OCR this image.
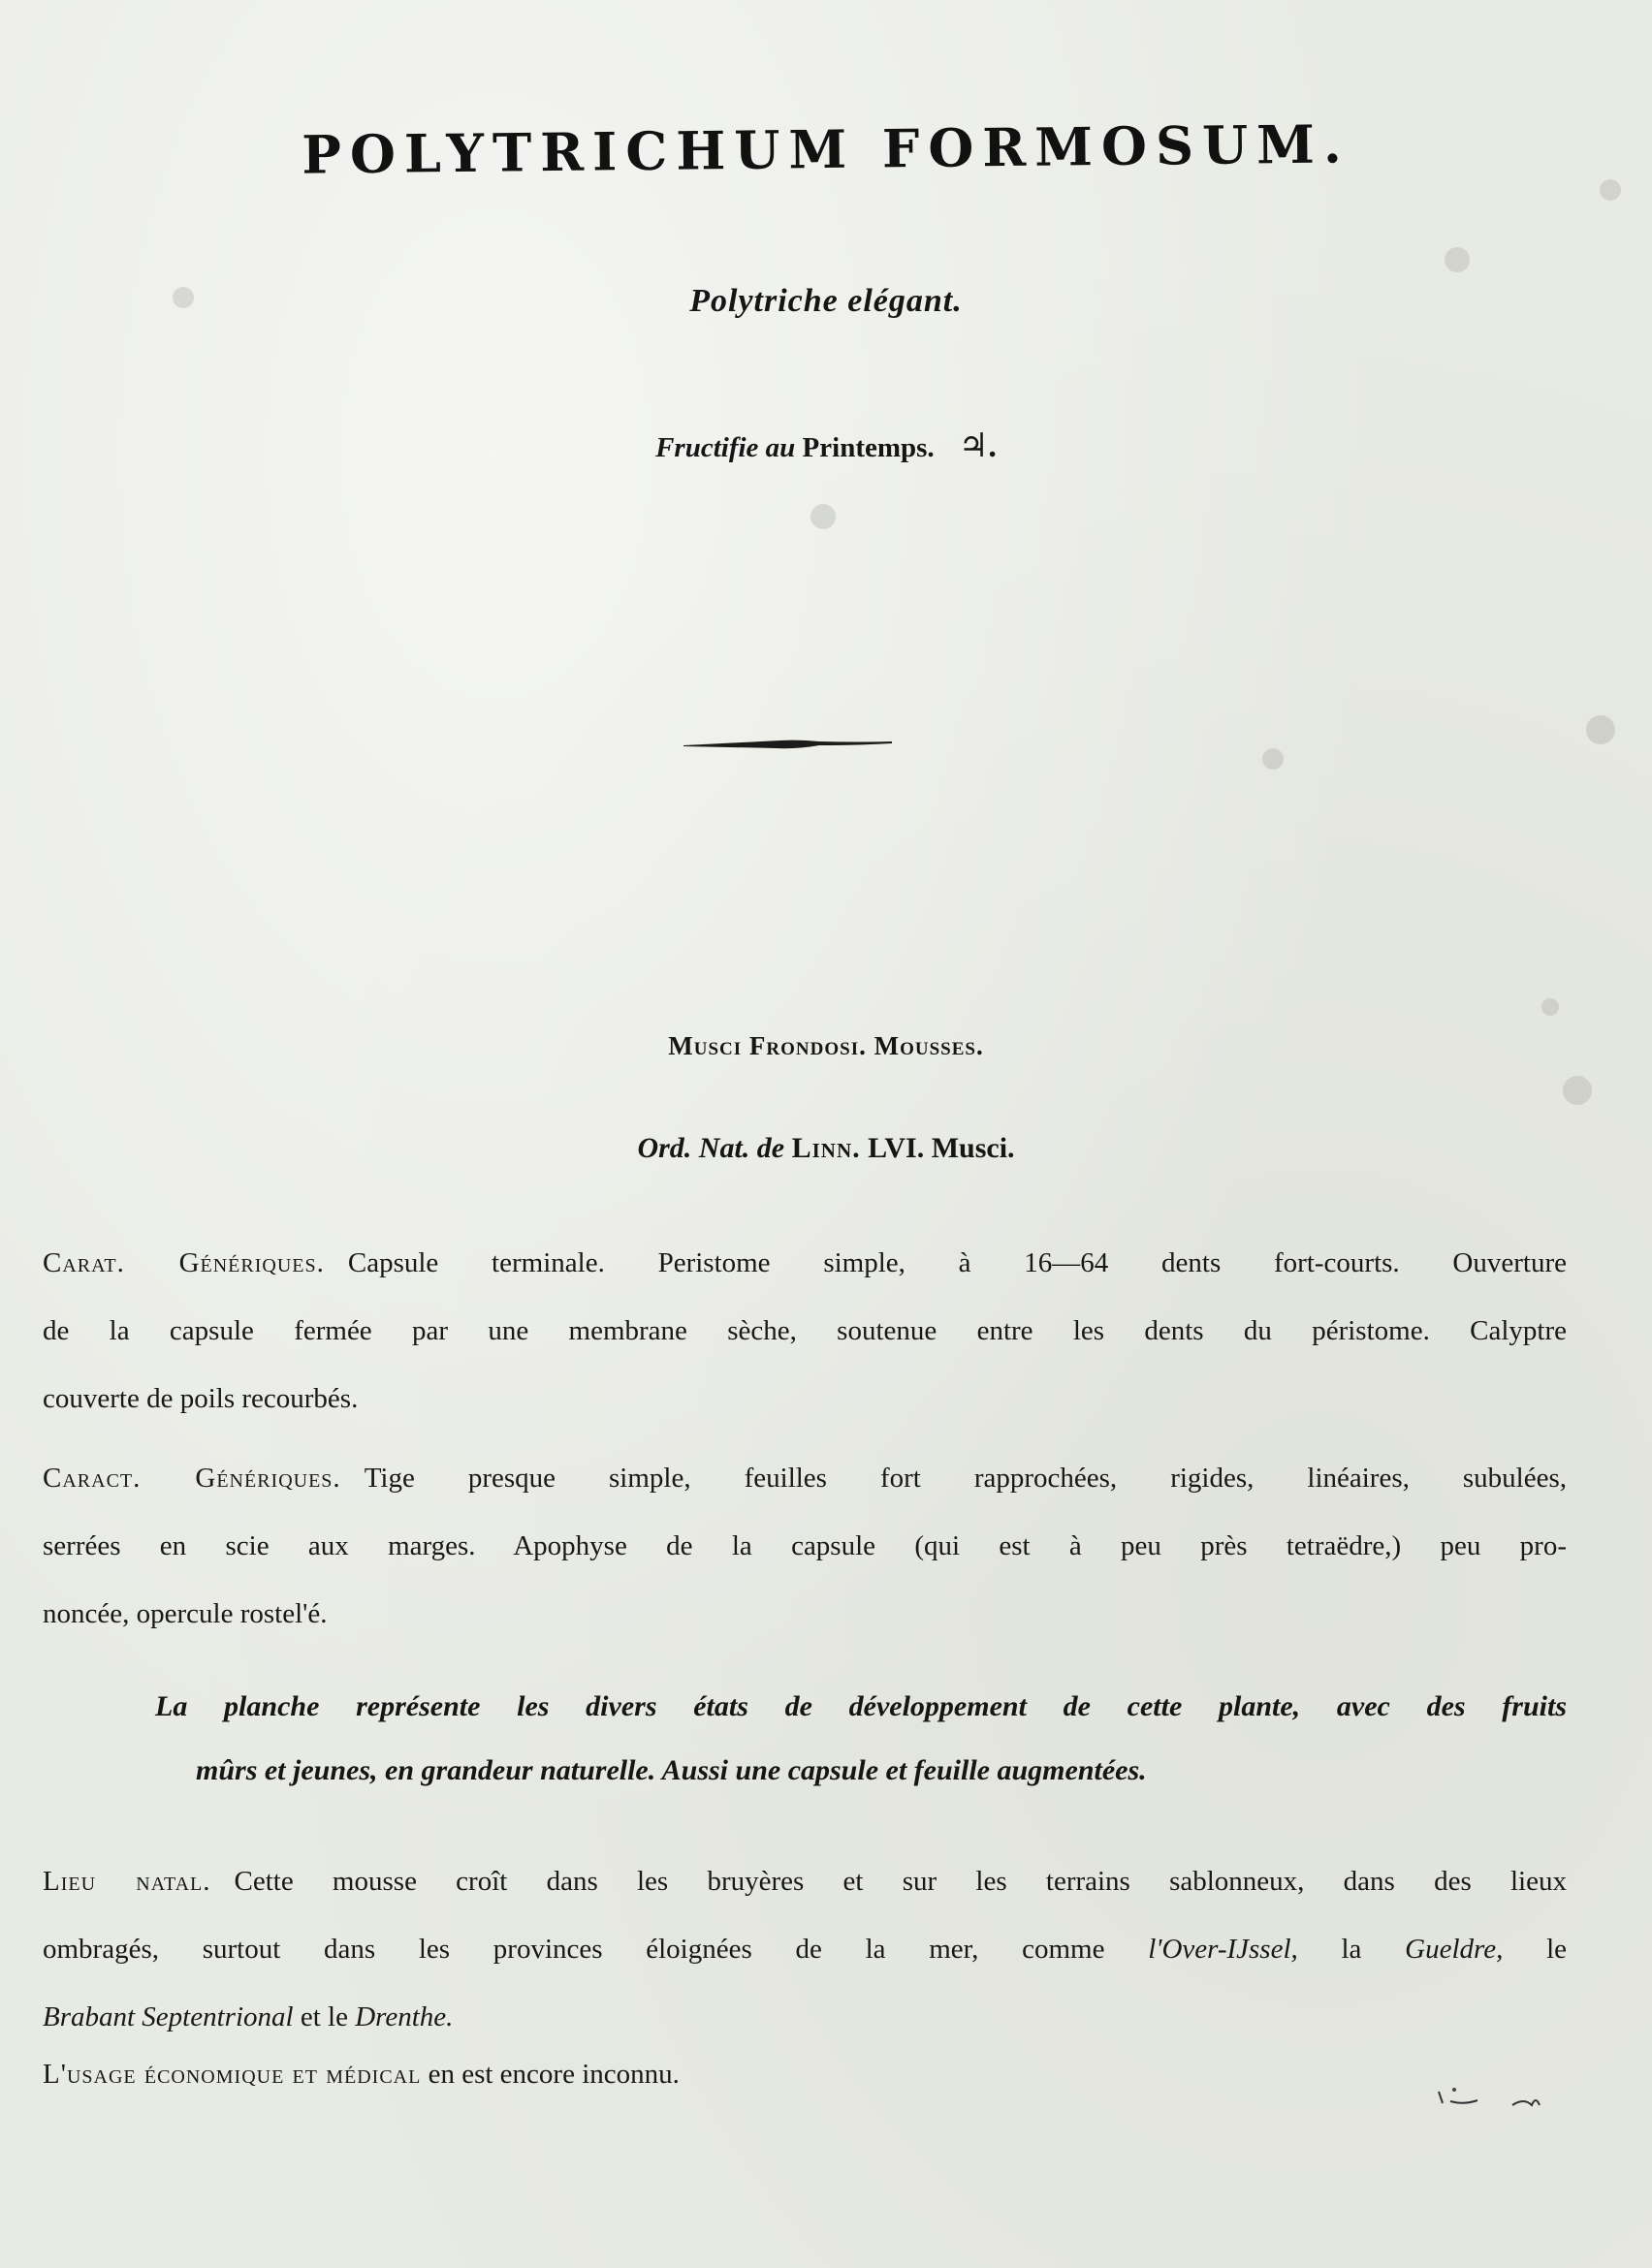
POLYTRICHUM FORMOSUM.
Polytriche elégant.
Fructifie au Printemps. ♃.
Musci Frondosi. Mousses.
Ord. Nat. de Linn. LVI. Musci.
Carat. Génériques. Capsule terminale. Peristome simple, à 16—64 dents fort-courts. Ouverture
de la capsule fermée par une membrane sèche, soutenue entre les dents du péristome. Calyptre
couverte de poils recourbés.
Caract. Génériques. Tige presque simple, feuilles fort rapprochées, rigides, linéaires, subulées,
serrées en scie aux marges. Apophyse de la capsule (qui est à peu près tetraëdre,) peu pro-
noncée, opercule rostel'é.
La planche représente les divers états de développement de cette plante, avec des fruits
mûrs et jeunes, en grandeur naturelle. Aussi une capsule et feuille augmentées.
Lieu natal. Cette mousse croît dans les bruyères et sur les terrains sablonneux, dans des lieux
ombragés, surtout dans les provinces éloignées de la mer, comme l'Over-IJssel, la Gueldre, le
Brabant Septentrional et le Drenthe.
L'usage économique et médical en est encore inconnu.
